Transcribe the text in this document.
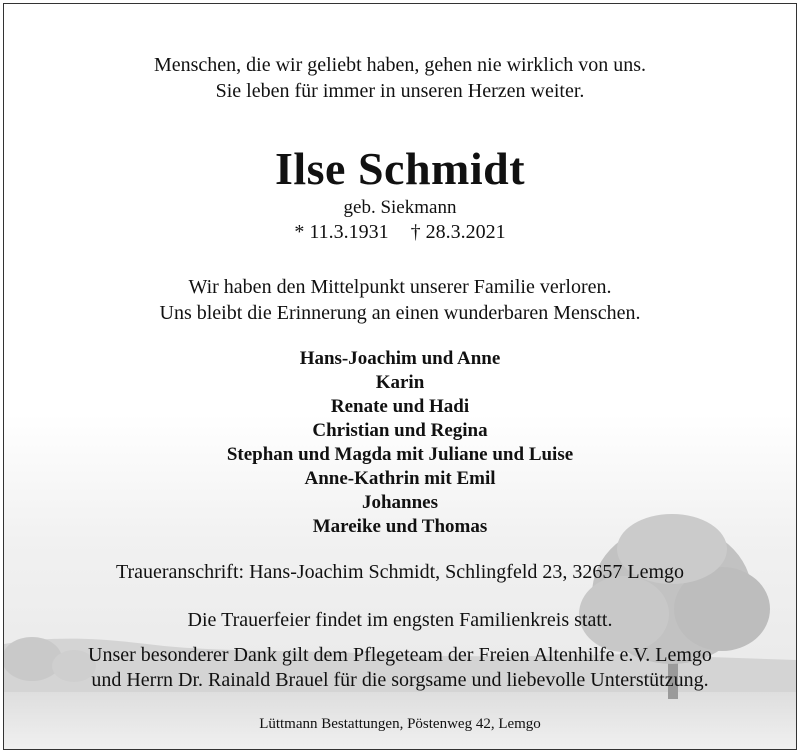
Menschen, die wir geliebt haben, gehen nie wirklich von uns.
Sie leben für immer in unseren Herzen weiter.
Ilse Schmidt
geb. Siekmann
* 11.3.1931 † 28.3.2021
Wir haben den Mittelpunkt unserer Familie verloren.
Uns bleibt die Erinnerung an einen wunderbaren Menschen.
Hans-Joachim und Anne
Karin
Renate und Hadi
Christian und Regina
Stephan und Magda mit Juliane und Luise
Anne-Kathrin mit Emil
Johannes
Mareike und Thomas
Traueranschrift: Hans-Joachim Schmidt, Schlingfeld 23, 32657 Lemgo
Die Trauerfeier findet im engsten Familienkreis statt.
Unser besonderer Dank gilt dem Pflegeteam der Freien Altenhilfe e.V. Lemgo
und Herrn Dr. Rainald Brauel für die sorgsame und liebevolle Unterstützung.
Lüttmann Bestattungen, Pöstenweg 42, Lemgo
